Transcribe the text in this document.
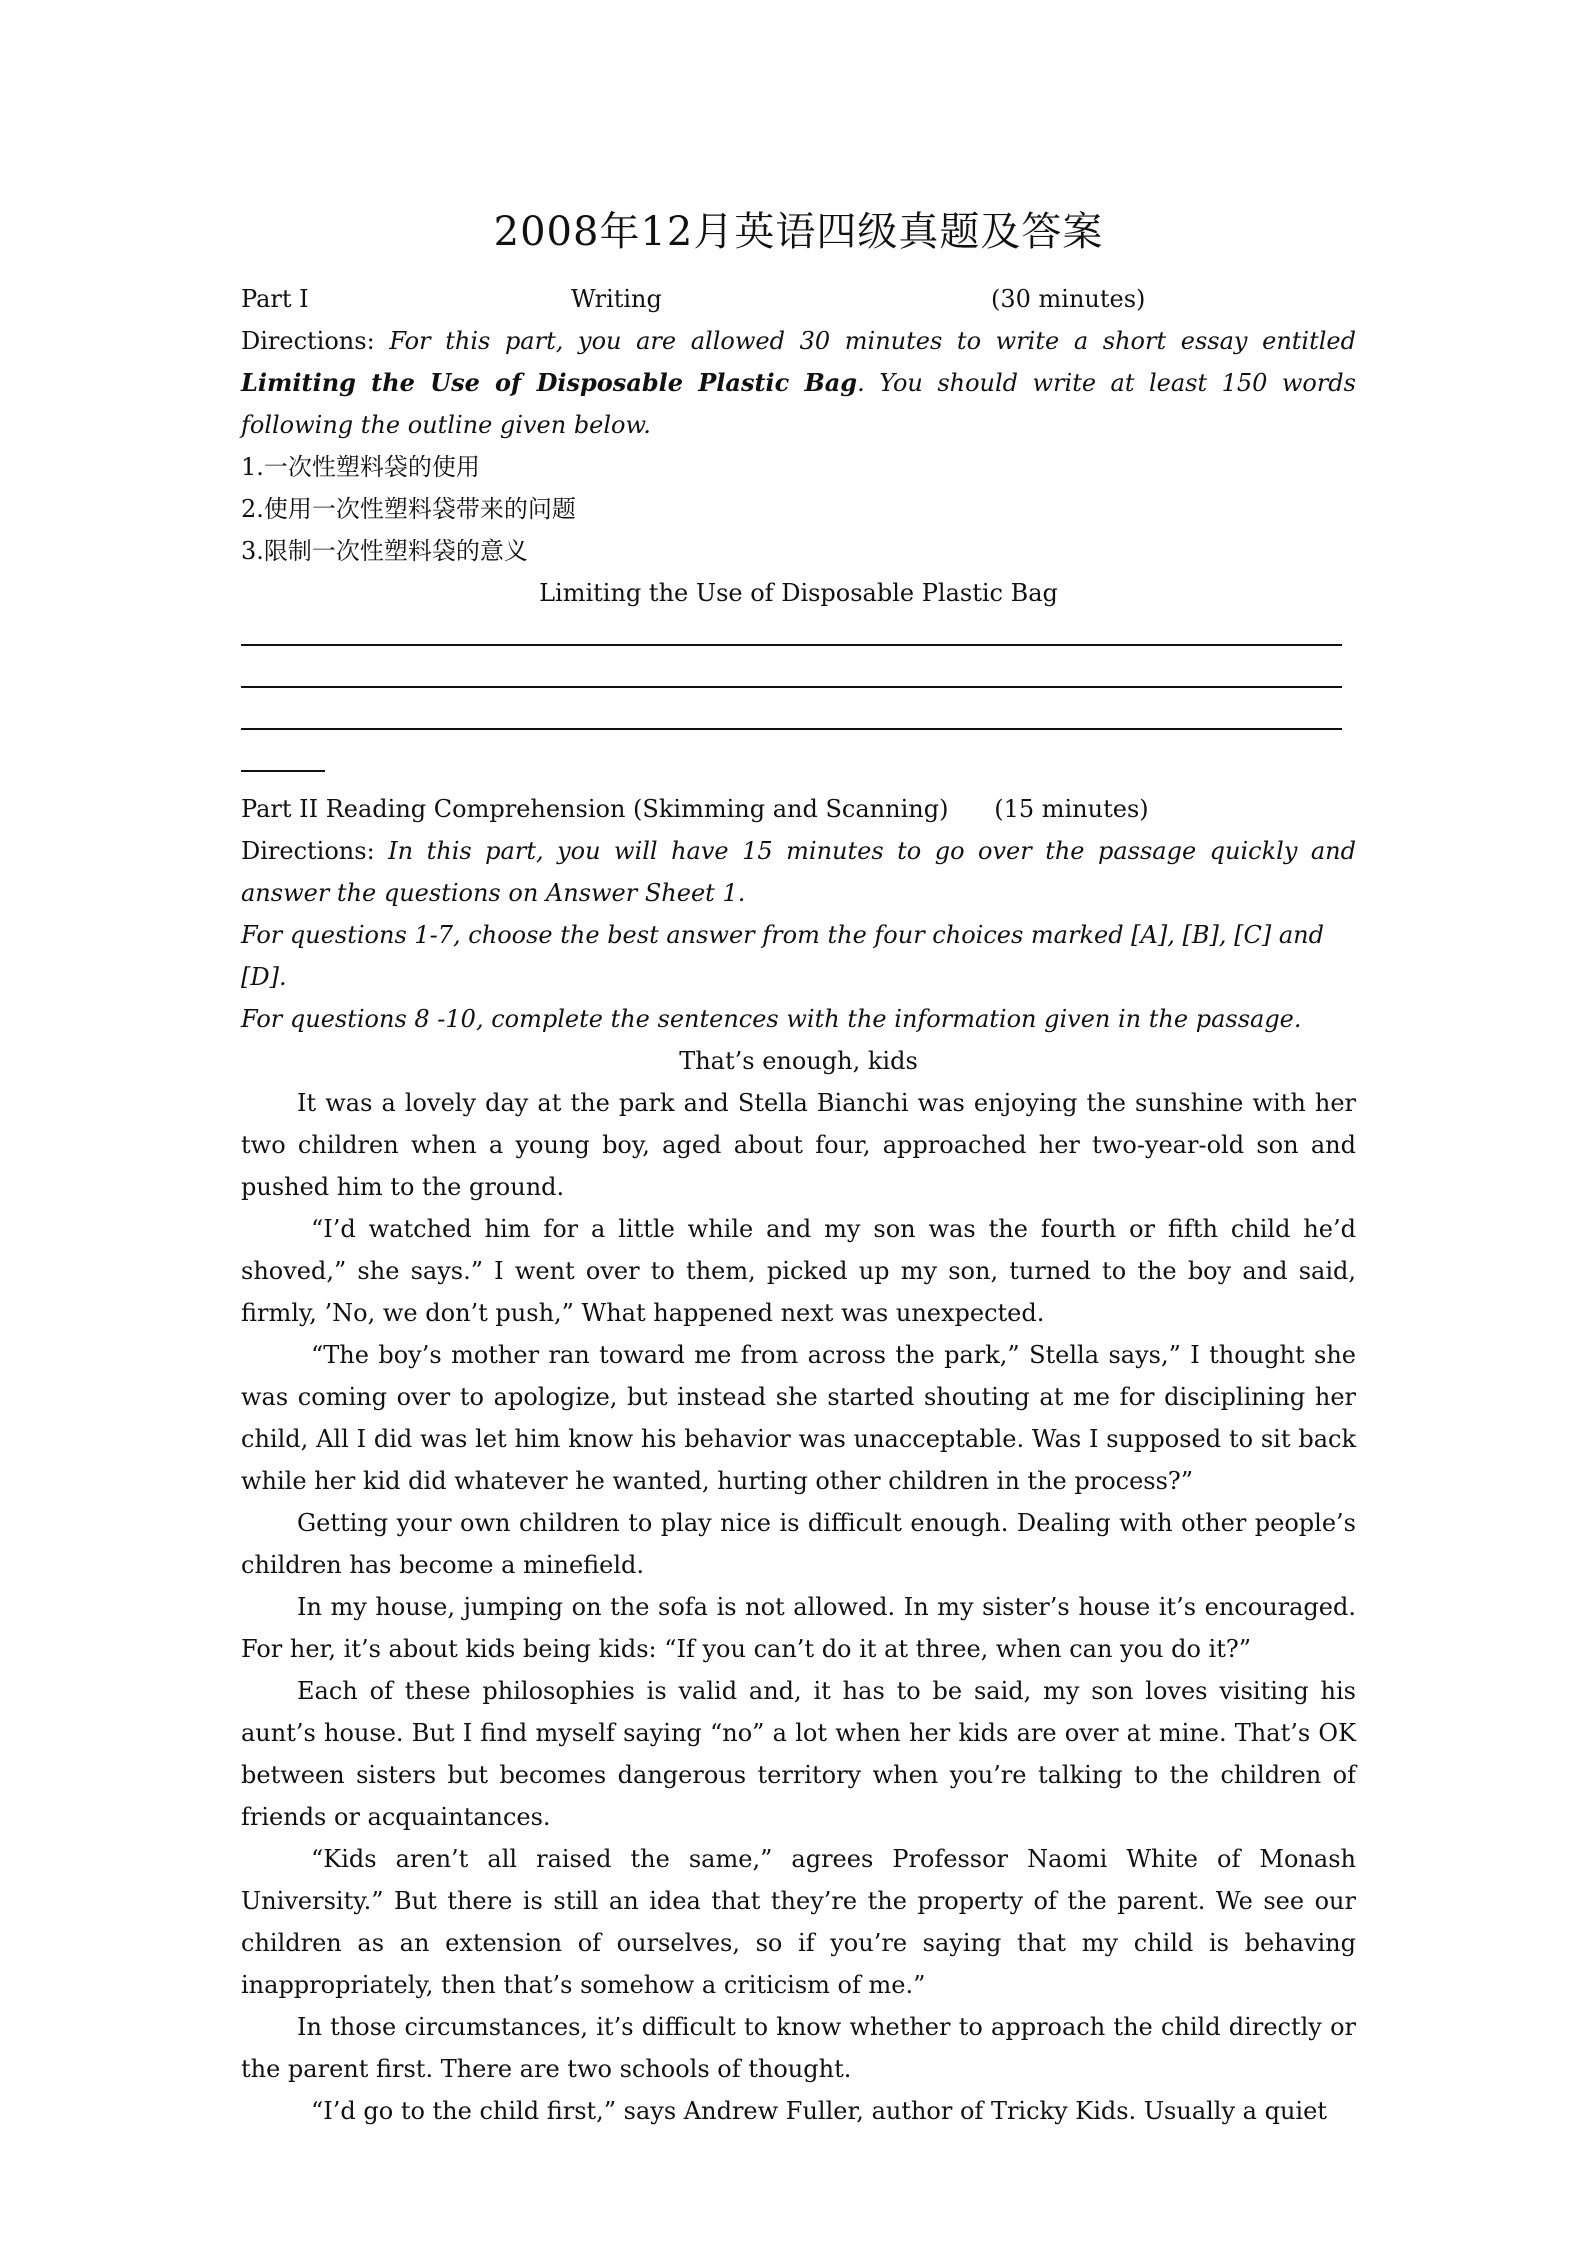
2008年12月英语四级真题及答案
Part I	Writing	(30 minutes)

Directions: For this part, you are allowed 30 minutes to write a short essay entitled Limiting the Use of Disposable Plastic Bag. You should write at least 150 words following the outline given below.

1.一次性塑料袋的使用

2.使用一次性塑料袋带来的问题

3.限制一次性塑料袋的意义

Limiting the Use of Disposable Plastic Bag

Part II Reading Comprehension (Skimming and Scanning) (15 minutes)

Directions: In this part, you will have 15 minutes to go over the passage quickly and answer the questions on Answer Sheet 1.

For questions 1-7, choose the best answer from the four choices marked [A], [B], [C] and [D].

For questions 8 -10, complete the sentences with the information given in the passage.

That’s enough, kids

It was a lovely day at the park and Stella Bianchi was enjoying the sunshine with her two children when a young boy, aged about four, approached her two-year-old son and pushed him to the ground.

“I’d watched him for a little while and my son was the fourth or fifth child he’d shoved,” she says.” I went over to them, picked up my son, turned to the boy and said, firmly, ’No, we don’t push,” What happened next was unexpected.

“The boy’s mother ran toward me from across the park,” Stella says,” I thought she was coming over to apologize, but instead she started shouting at me for disciplining her child, All I did was let him know his behavior was unacceptable. Was I supposed to sit back while her kid did whatever he wanted, hurting other children in the process?”

Getting your own children to play nice is difficult enough. Dealing with other people’s children has become a minefield.

In my house, jumping on the sofa is not allowed. In my sister’s house it’s encouraged. For her, it’s about kids being kids: “If you can’t do it at three, when can you do it?”

Each of these philosophies is valid and, it has to be said, my son loves visiting his aunt’s house. But I find myself saying “no” a lot when her kids are over at mine. That’s OK between sisters but becomes dangerous territory when you’re talking to the children of friends or acquaintances.

“Kids aren’t all raised the same,” agrees Professor Naomi White of Monash University.” But there is still an idea that they’re the property of the parent. We see our children as an extension of ourselves, so if you’re saying that my child is behaving inappropriately, then that’s somehow a criticism of me.”

In those circumstances, it’s difficult to know whether to approach the child directly or the parent first. There are two schools of thought.

“I’d go to the child first,” says Andrew Fuller, author of Tricky Kids. Usually a quiet
